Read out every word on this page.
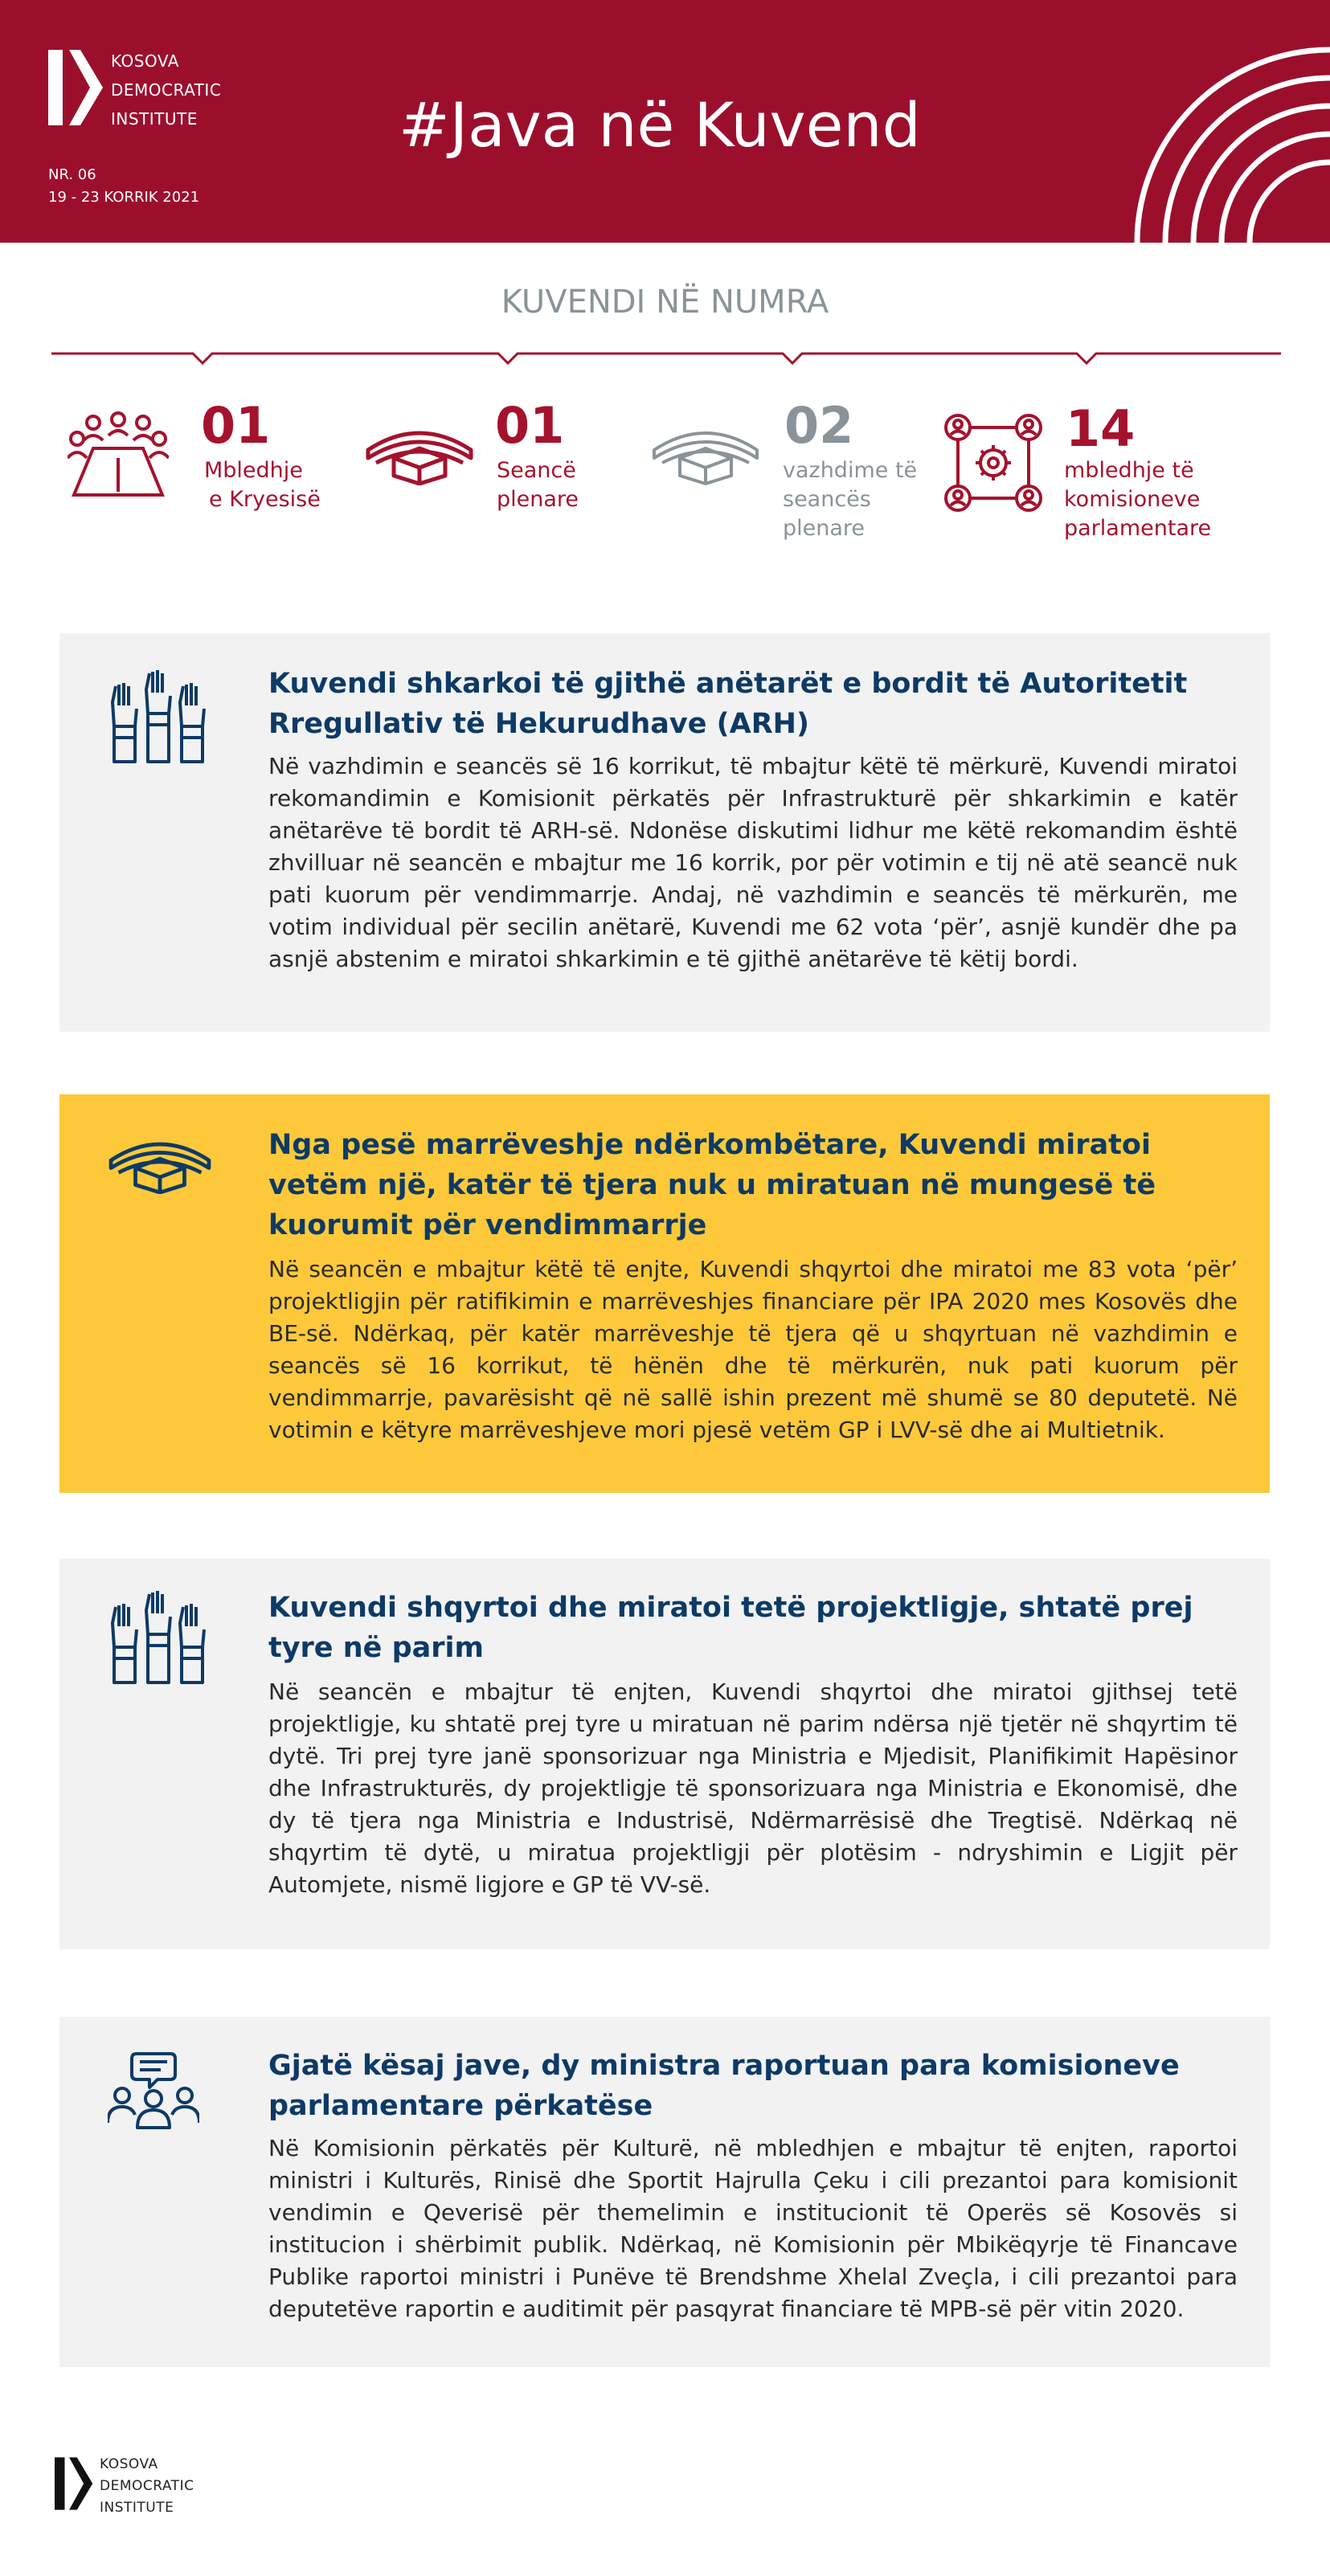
KOSOVA
DEMOCRATIC
INSTITUTE
NR. 06
19 - 23 KORRIK 2021
#Java në Kuvend
KUVENDI NË NUMRA
01
Mbledhje
e Kryesisë
01
Seancë
plenare
02
vazhdime të
seancës
plenare
14
mbledhje të
komisioneve
parlamentare
Kuvendi shkarkoi të gjithë anëtarët e bordit të Autoritetit Rregullativ të Hekurudhave (ARH)

Në vazhdimin e seancës së 16 korrikut, të mbajtur këtë të mërkurë, Kuvendi miratoi rekomandimin e Komisionit përkatës për Infrastrukturë për shkarkimin e katër anëtarëve të bordit të ARH-së. Ndonëse diskutimi lidhur me këtë rekomandim është zhvilluar në seancën e mbajtur me 16 korrik, por për votimin e tij në atë seancë nuk pati kuorum për vendimmarrje. Andaj, në vazhdimin e seancës të mërkurën, me votim individual për secilin anëtarë, Kuvendi me 62 vota ‘për’, asnjë kundër dhe pa asnjë abstenim e miratoi shkarkimin e të gjithë anëtarëve të këtij bordi.

Nga pesë marrëveshje ndërkombëtare, Kuvendi miratoi vetëm një, katër të tjera nuk u miratuan në mungesë të kuorumit për vendimmarrje

Në seancën e mbajtur këtë të enjte, Kuvendi shqyrtoi dhe miratoi me 83 vota ‘për’ projektligjin për ratifikimin e marrëveshjes financiare për IPA 2020 mes Kosovës dhe BE-së. Ndërkaq, për katër marrëveshje të tjera që u shqyrtuan në vazhdimin e seancës së 16 korrikut, të hënën dhe të mërkurën, nuk pati kuorum për vendimmarrje, pavarësisht që në sallë ishin prezent më shumë se 80 deputetë. Në votimin e këtyre marrëveshjeve mori pjesë vetëm GP i LVV-së dhe ai Multietnik.

Kuvendi shqyrtoi dhe miratoi tetë projektligje, shtatë prej tyre në parim

Në seancën e mbajtur të enjten, Kuvendi shqyrtoi dhe miratoi gjithsej tetë projektligje, ku shtatë prej tyre u miratuan në parim ndërsa një tjetër në shqyrtim të dytë. Tri prej tyre janë sponsorizuar nga Ministria e Mjedisit, Planifikimit Hapësinor dhe Infrastrukturës, dy projektligje të sponsorizuara nga Ministria e Ekonomisë, dhe dy të tjera nga Ministria e Industrisë, Ndërmarrësisë dhe Tregtisë. Ndërkaq në shqyrtim të dytë, u miratua projektligji për plotësim - ndryshimin e Ligjit për Automjete, nismë ligjore e GP të VV-së.

Gjatë kësaj jave, dy ministra raportuan para komisioneve parlamentare përkatëse

Në Komisionin përkatës për Kulturë, në mbledhjen e mbajtur të enjten, raportoi ministri i Kulturës, Rinisë dhe Sportit Hajrulla Çeku i cili prezantoi para komisionit vendimin e Qeverisë për themelimin e institucionit të Operës së Kosovës si institucion i shërbimit publik. Ndërkaq, në Komisionin për Mbikëqyrje të Financave Publike raportoi ministri i Punëve të Brendshme Xhelal Zveçla, i cili prezantoi para deputetëve raportin e auditimit për pasqyrat financiare të MPB-së për vitin 2020.

KOSOVA
DEMOCRATIC
INSTITUTE
